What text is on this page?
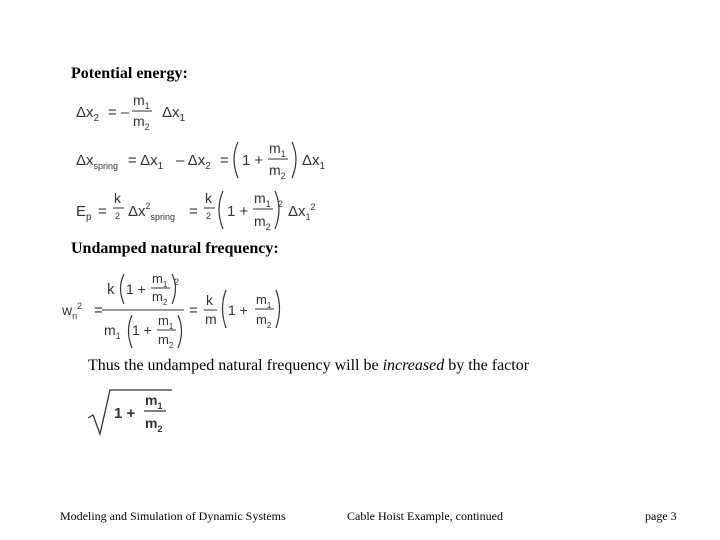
Potential energy:
$\Delta x_2$ = –
$m_1$
$m_2$
$\Delta x_1$
$\Delta x_{spring} = \Delta x_1 - \Delta x_2 = 1$ +
$m_1$
$m_2$
$\Delta x_1$
$E_p$ =
k
2 $\Delta x^2_{spring}$ =
k
2 1 +
$m_1$
$m_2$
2 $\Delta x_1^2$
Undamped natural frequency:
$w_n^2$ =
k 1 +
$m_1$
$m_2$
2
$m_1$ 1 +
$m_1$
$m_2$
=
k
m
1 +
$m_1$
$m_2$
Thus the undamped natural frequency will be increased by the factor
1 +
$m_1$
$m_2$
Modeling and Simulation of Dynamic Systems	Cable Hoist Example, continued	page 3
